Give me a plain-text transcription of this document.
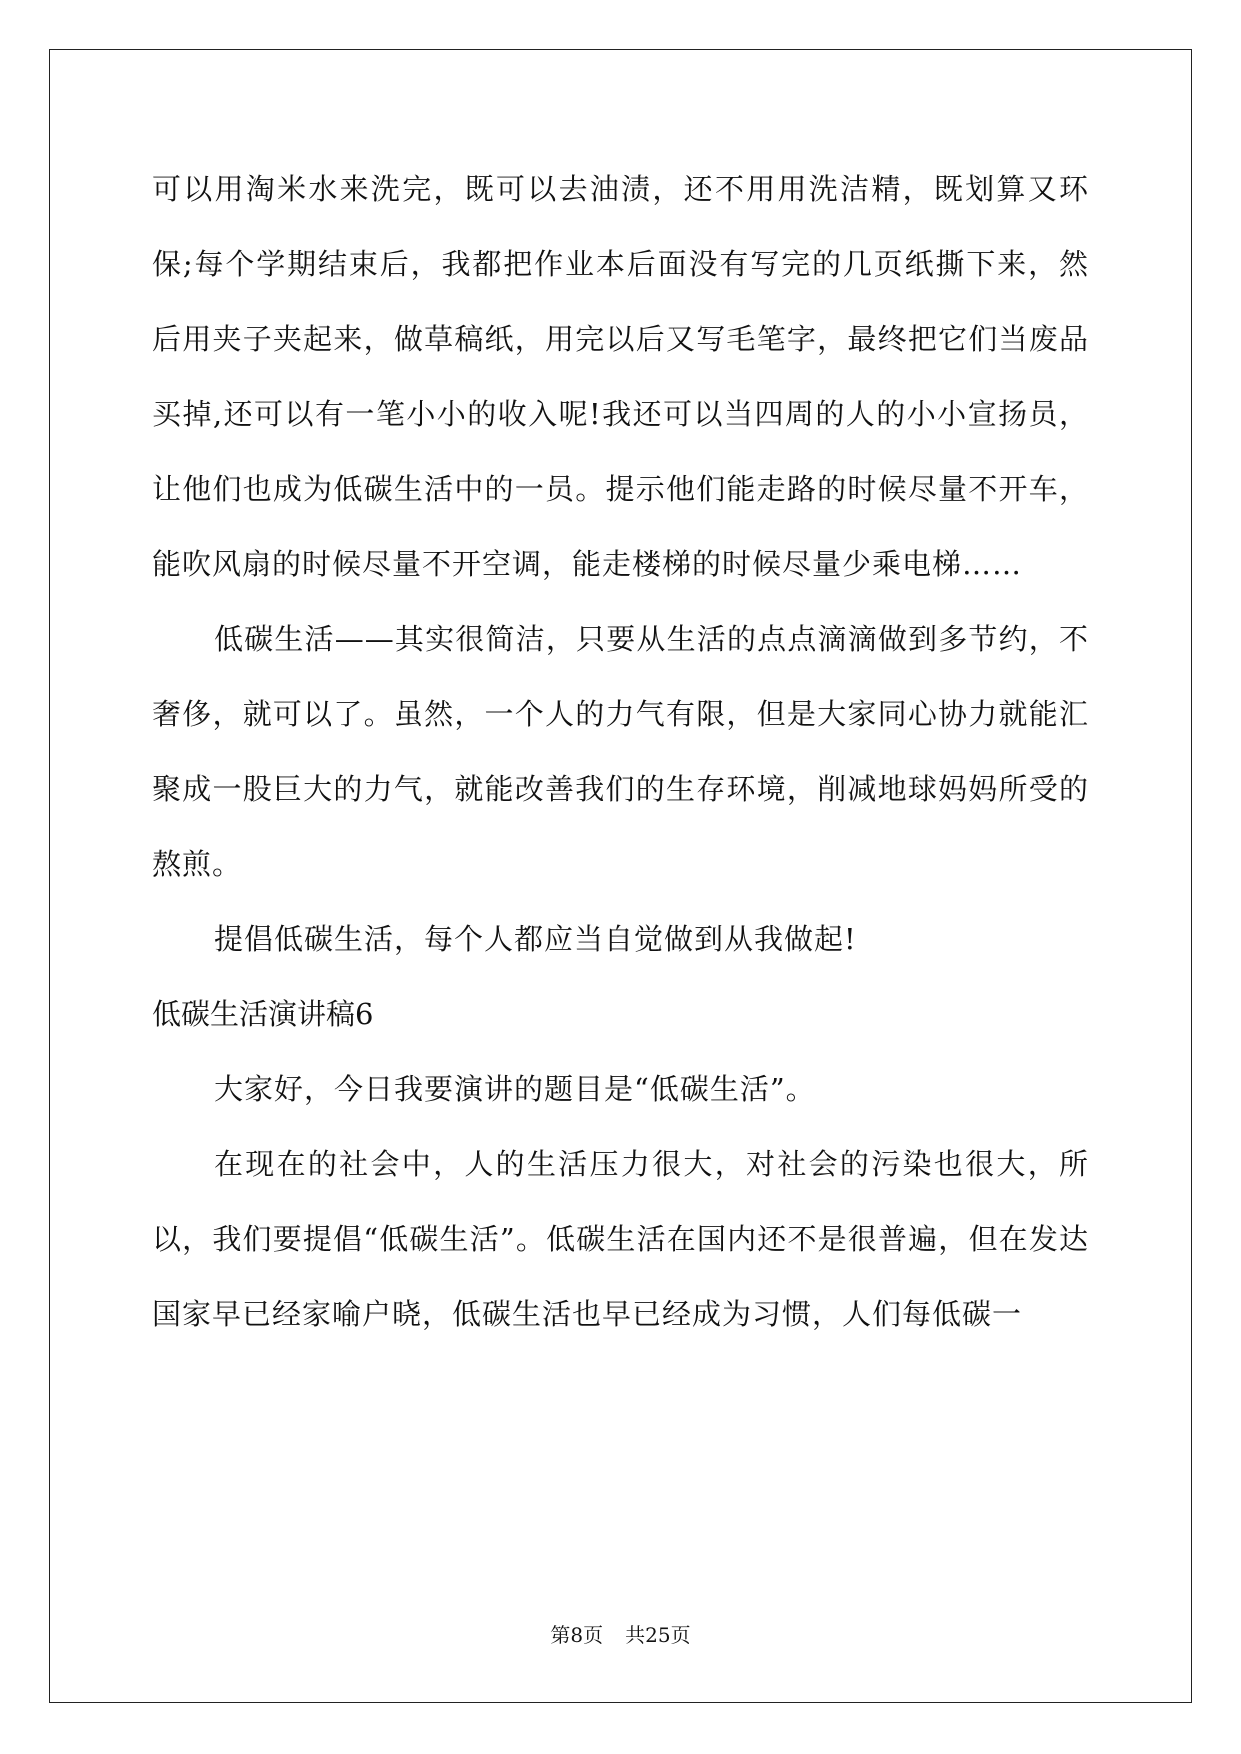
可以用淘米水来洗完，既可以去油渍，还不用用洗洁精，既划算又环保;每个学期结束后，我都把作业本后面没有写完的几页纸撕下来，然后用夹子夹起来，做草稿纸，用完以后又写毛笔字，最终把它们当废品买掉,还可以有一笔小小的收入呢!我还可以当四周的人的小小宣扬员，让他们也成为低碳生活中的一员。提示他们能走路的时候尽量不开车，能吹风扇的时候尽量不开空调，能走楼梯的时候尽量少乘电梯……

低碳生活——其实很简洁，只要从生活的点点滴滴做到多节约，不奢侈，就可以了。虽然，一个人的力气有限，但是大家同心协力就能汇聚成一股巨大的力气，就能改善我们的生存环境，削减地球妈妈所受的熬煎。

提倡低碳生活，每个人都应当自觉做到从我做起!

低碳生活演讲稿6

大家好，今日我要演讲的题目是“低碳生活”。

在现在的社会中，人的生活压力很大，对社会的污染也很大，所以，我们要提倡“低碳生活”。低碳生活在国内还不是很普遍，但在发达国家早已经家喻户晓，低碳生活也早已经成为习惯，人们每低碳一

第8页 共25页
